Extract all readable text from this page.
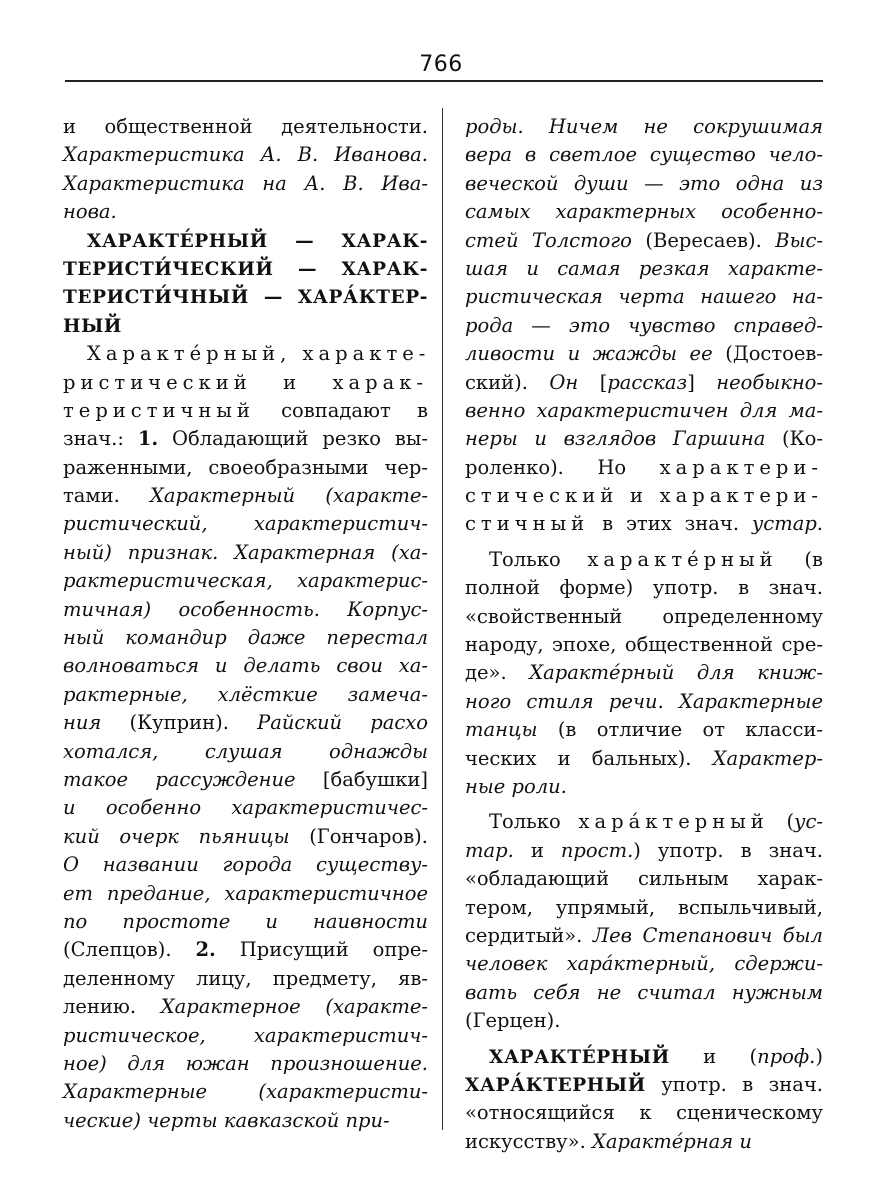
766
и общественной деятельности.
Характеристика А. В. Иванова.
Характеристика на А. В. Ива-
нова.
ХАРАКТЕ́РНЫЙ — ХАРАК-
ТЕРИСТИ́ЧЕСКИЙ — ХАРАК-
ТЕРИСТИ́ЧНЫЙ — ХАРА́КТЕР-
НЫЙ
Характе́рный, характе-
ристический и харак-
теристичный совпадают в
знач.: 1. Обладающий резко вы-
раженными, своеобразными чер-
тами. Характерный (характе-
ристический, характеристич-
ный) признак. Характерная (ха-
рактеристическая, характерис-
тичная) особенность. Корпус-
ный командир даже перестал
волноваться и делать свои ха-
рактерные, хлёсткие замеча-
ния (Куприн). Райский расхо
хотался, слушая однажды
такое рассуждение [бабушки]
и особенно характеристичес-
кий очерк пьяницы (Гончаров).
О названии города существу-
ет предание, характеристичное
по простоте и наивности
(Слепцов). 2. Присущий опре-
деленному лицу, предмету, яв-
лению. Характерное (характе-
ристическое, характеристич-
ное) для южан произношение.
Характерные (характеристи-
ческие) черты кавказской при-
роды. Ничем не сокрушимая
вера в светлое существо чело-
веческой души — это одна из
самых характерных особенно-
стей Толстого (Вересаев). Выс-
шая и самая резкая характе-
ристическая черта нашего на-
рода — это чувство справед-
ливости и жажды ее (Достоев-
ский). Он [рассказ] необыкно-
венно характеристичен для ма-
неры и взглядов Гаршина (Ко-
роленко). Но характери-
стический и характери-
стичный в этих знач. устар.
Только характе́рный (в
полной форме) употр. в знач.
«свойственный определенному
народу, эпохе, общественной сре-
де». Характе́рный для книж-
ного стиля речи. Характерные
танцы (в отличие от класси-
ческих и бальных). Характер-
ные роли.
Только хара́ктерный (ус-
тар. и прост.) употр. в знач.
«обладающий сильным харак-
тером, упрямый, вспыльчивый,
сердитый». Лев Степанович был
человек хара́ктерный, сдержи-
вать себя не считал нужным
(Герцен).
ХАРАКТЕ́РНЫЙ и (проф.)
ХАРА́КТЕРНЫЙ употр. в знач.
«относящийся к сценическому
искусству». Характе́рная и
